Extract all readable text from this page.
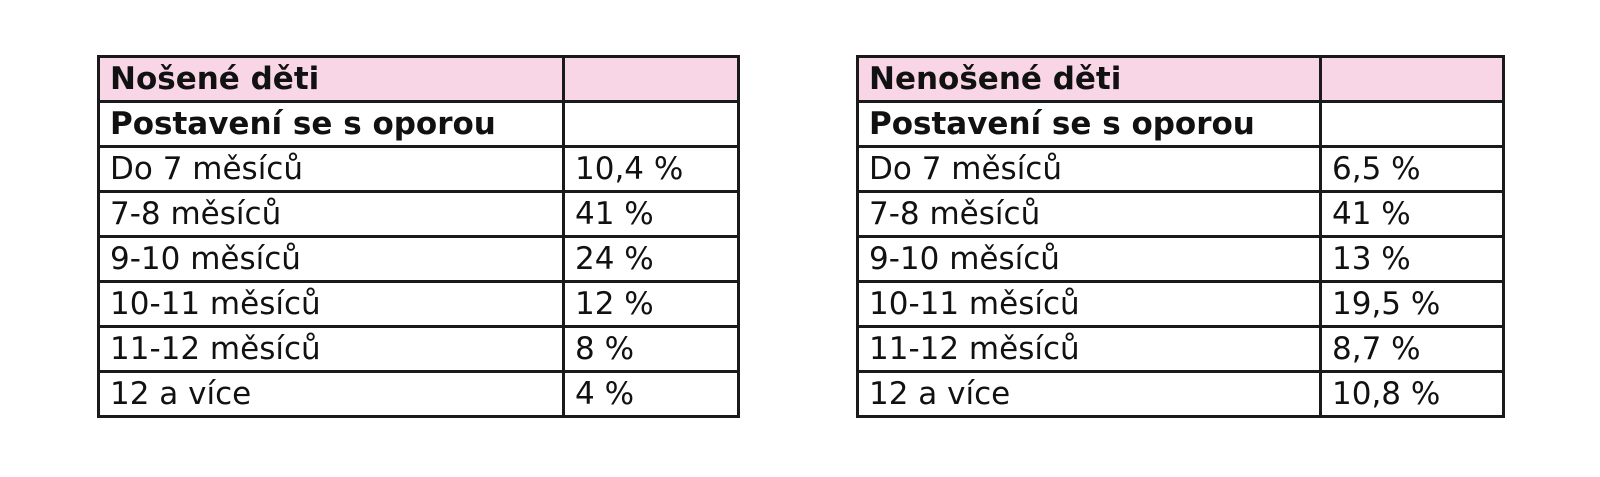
Nošené děti	
Postavení se s oporou	
Do 7 měsíců	10,4 %
7-8 měsíců	41 %
9-10 měsíců	24 %
10-11 měsíců	12 %
11-12 měsíců	8 %
12 a více	4 %
Nenošené děti	
Postavení se s oporou	
Do 7 měsíců	6,5 %
7-8 měsíců	41 %
9-10 měsíců	13 %
10-11 měsíců	19,5 %
11-12 měsíců	8,7 %
12 a více	10,8 %
